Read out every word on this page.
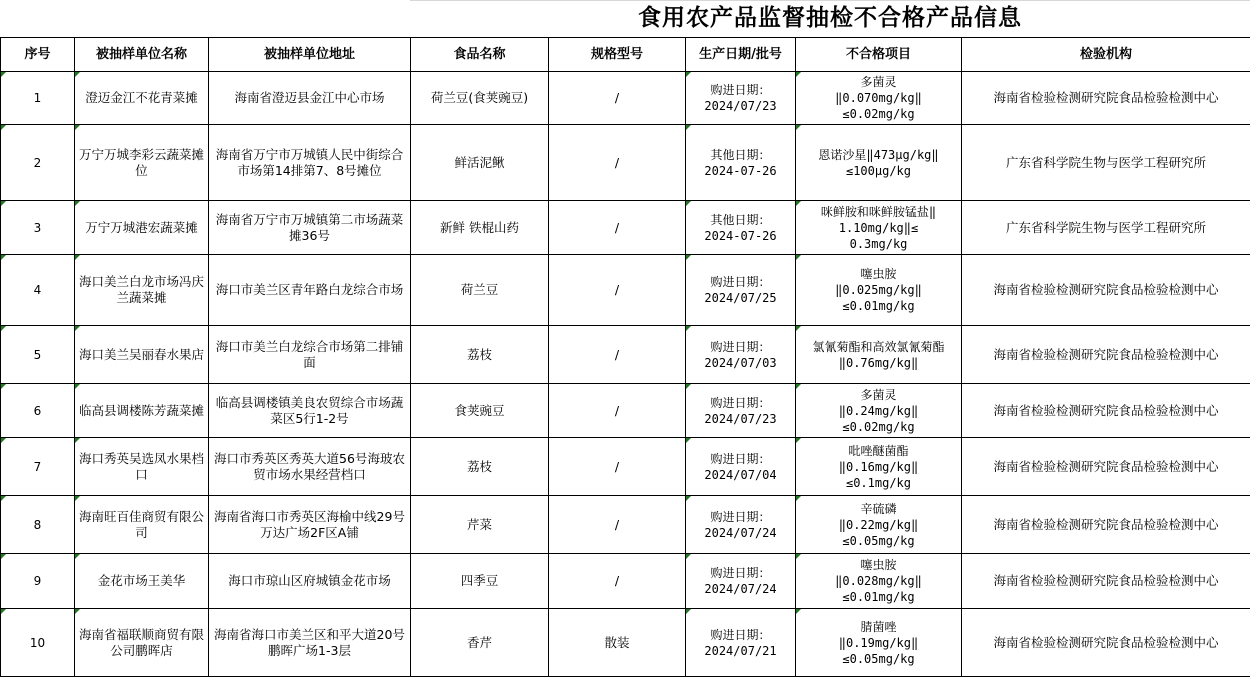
食用农产品监督抽检不合格产品信息
序号	被抽样单位名称	被抽样单位地址	食品名称	规格型号	生产日期/批号	不合格项目	检验机构

1	澄迈金江不花青菜摊	海南省澄迈县金江中心市场	荷兰豆(食荚豌豆)	/	购进日期：
2024/07/23	多菌灵
‖0.070mg/kg‖
≤0.02mg/kg	海南省检验检测研究院食品检验检测中心

2	万宁万城李彩云蔬菜摊位	海南省万宁市万城镇人民中街综合市场第14排第7、8号摊位	鲜活泥鳅	/	其他日期：
2024-07-26	恩诺沙星‖473μg/kg‖
≤100μg/kg	广东省科学院生物与医学工程研究所

3	万宁万城港宏蔬菜摊	海南省万宁市万城镇第二市场蔬菜摊36号	新鲜 铁棍山药	/	其他日期：
2024-07-26	咪鲜胺和咪鲜胺锰盐‖
1.10mg/kg‖≤
0.3mg/kg	广东省科学院生物与医学工程研究所

4	海口美兰白龙市场冯庆兰蔬菜摊	海口市美兰区青年路白龙综合市场	荷兰豆	/	购进日期：
2024/07/25	噻虫胺
‖0.025mg/kg‖
≤0.01mg/kg	海南省检验检测研究院食品检验检测中心

5	海口美兰吴丽春水果店	海口市美兰白龙综合市场第二排铺面	荔枝	/	购进日期：
2024/07/03	氯氰菊酯和高效氯氰菊酯
‖0.76mg/kg‖	海南省检验检测研究院食品检验检测中心

6	临高县调楼陈芳蔬菜摊	临高县调楼镇美良农贸综合市场蔬菜区5行1-2号	食荚豌豆	/	购进日期：
2024/07/23	多菌灵
‖0.24mg/kg‖
≤0.02mg/kg	海南省检验检测研究院食品检验检测中心

7	海口秀英吴选凤水果档口	海口市秀英区秀英大道56号海玻农贸市场水果经营档口	荔枝	/	购进日期：
2024/07/04	吡唑醚菌酯
‖0.16mg/kg‖
≤0.1mg/kg	海南省检验检测研究院食品检验检测中心

8	海南旺百佳商贸有限公司	海南省海口市秀英区海榆中线29号万达广场2F区A铺	芹菜	/	购进日期：
2024/07/24	辛硫磷
‖0.22mg/kg‖
≤0.05mg/kg	海南省检验检测研究院食品检验检测中心

9	金花市场王美华	海口市琼山区府城镇金花市场	四季豆	/	购进日期：
2024/07/24	噻虫胺
‖0.028mg/kg‖
≤0.01mg/kg	海南省检验检测研究院食品检验检测中心

10	海南省福联顺商贸有限公司鹏晖店	海南省海口市美兰区和平大道20号鹏晖广场1-3层	香芹	散装	购进日期：
2024/07/21	腈菌唑
‖0.19mg/kg‖
≤0.05mg/kg	海南省检验检测研究院食品检验检测中心
